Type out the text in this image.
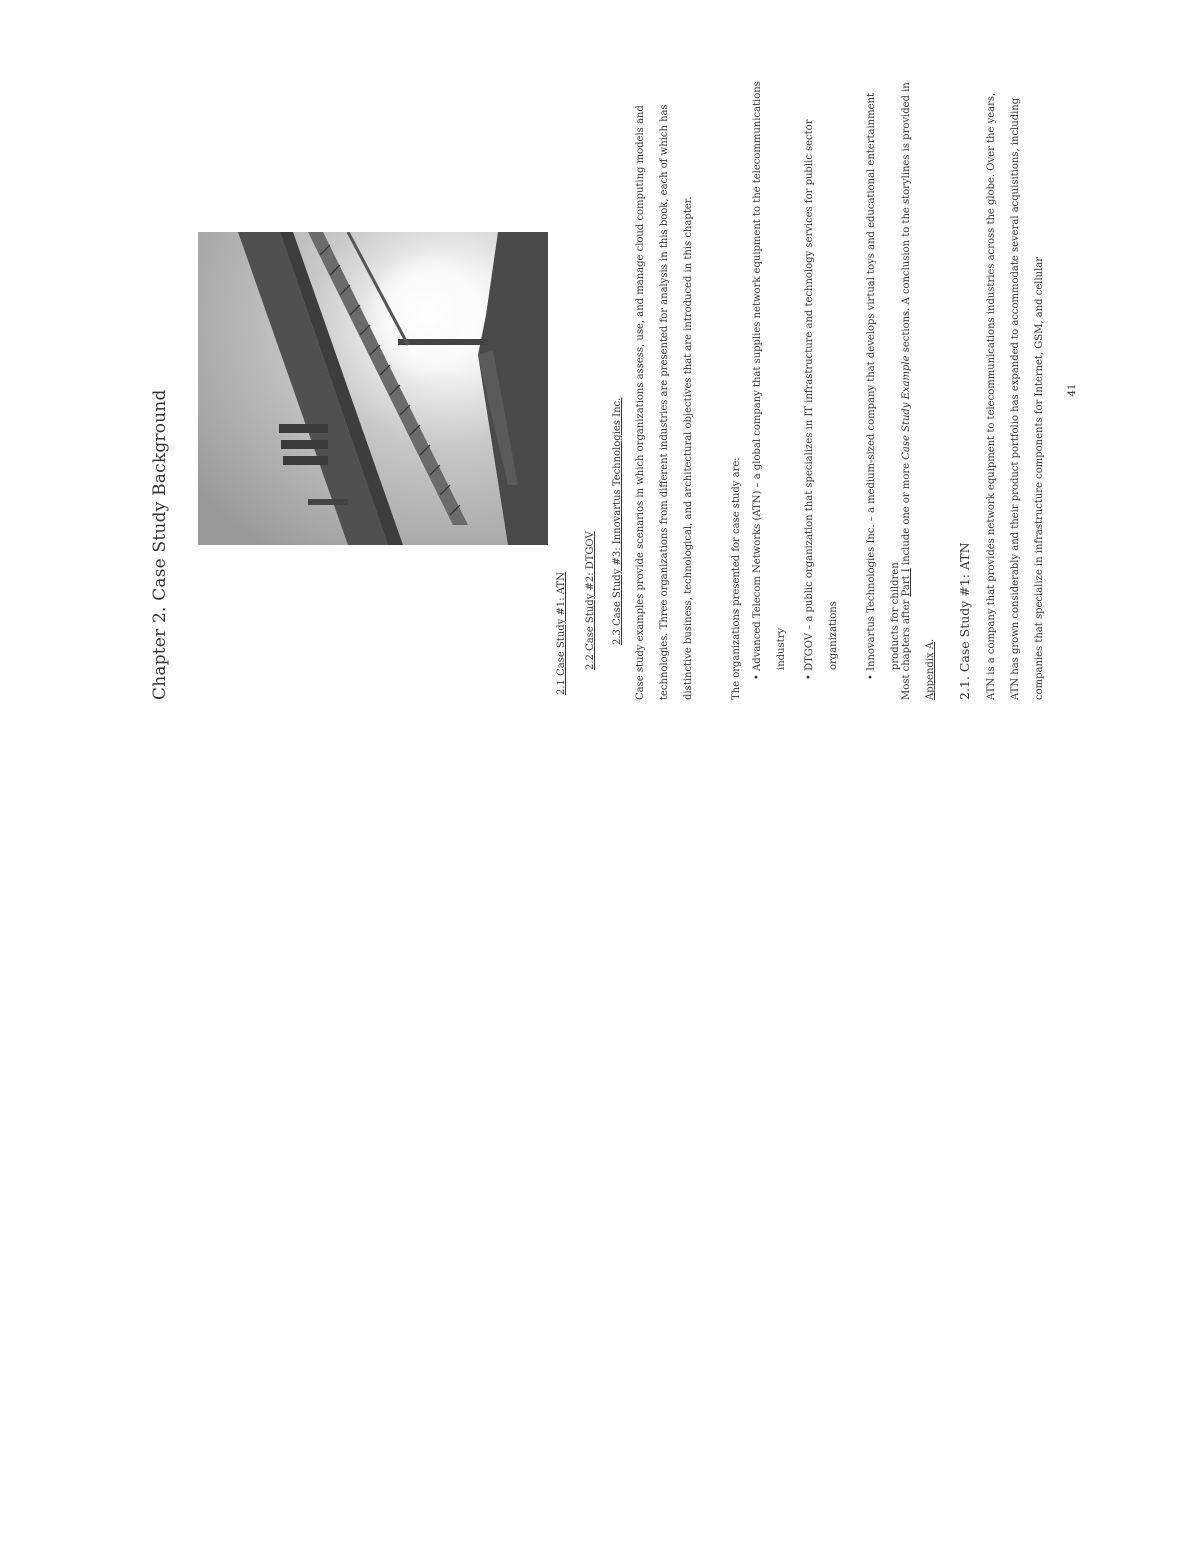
Chapter 2. Case Study Background	2.1 Case Study #1: ATN	2.2 Case Study #2: DTGOV	2.3 Case Study #3: Innovartus Technologies Inc.	Case study examples provide scenarios in which organizations assess, use, and manage cloud computing models and technologies. Three organizations from different industries are presented for analysis in this book, each of which has distinctive business, technological, and architectural objectives that are introduced in this chapter.	The organizations presented for case study are:	• Advanced Telecom Networks (ATN) – a global company that supplies network equipment to the telecommunications industry	• DTGOV – a public organization that specializes in IT infrastructure and technology services for public sector organizations	• Innovartus Technologies Inc. – a medium-sized company that develops virtual toys and educational entertainment products for children Most chapters after Part I include one or more Case Study Example sections. A conclusion to the storylines is provided in Appendix A.	2.1. Case Study #1: ATN	ATN is a company that provides network equipment to telecommunications industries across the globe. Over the years, ATN has grown considerably and their product portfolio has expanded to accommodate several acquisitions, including companies that specialize in infrastructure components for Internet, GSM, and cellular	41
